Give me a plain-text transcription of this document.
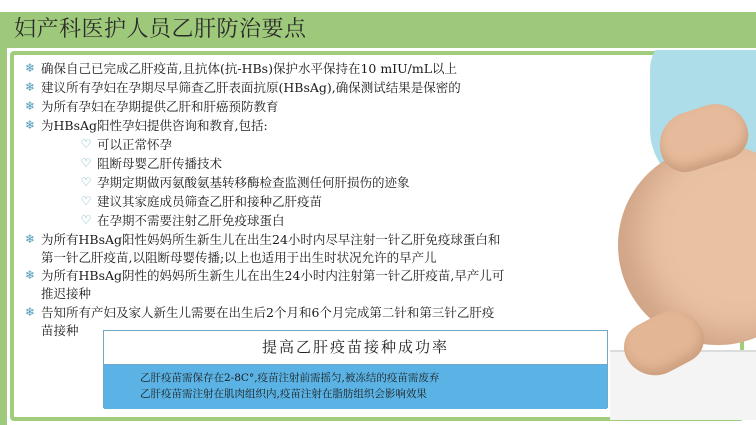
妇产科医护人员乙肝防治要点
❄ 确保自己已完成乙肝疫苗,且抗体(抗-HBs)保护水平保持在10 mIU/mL以上
❄ 建议所有孕妇在孕期尽早筛查乙肝表面抗原(HBsAg),确保测试结果是保密的
❄ 为所有孕妇在孕期提供乙肝和肝癌预防教育
❄ 为HBsAg阳性孕妇提供咨询和教育,包括:
♡ 可以正常怀孕
♡ 阻断母婴乙肝传播技术
♡ 孕期定期做丙氨酸氨基转移酶检查监测任何肝损伤的迹象
♡ 建议其家庭成员筛查乙肝和接种乙肝疫苗
♡ 在孕期不需要注射乙肝免疫球蛋白
❄ 为所有HBsAg阳性妈妈所生新生儿在出生24小时内尽早注射一针乙肝免疫球蛋白和
第一针乙肝疫苗,以阻断母婴传播;以上也适用于出生时状况允许的早产儿
❄ 为所有HBsAg阴性的妈妈所生新生儿在出生24小时内注射第一针乙肝疫苗,早产儿可
推迟接种
❄ 告知所有产妇及家人新生儿需要在出生后2个月和6个月完成第二针和第三针乙肝疫
苗接种
提高乙肝疫苗接种成功率
乙肝疫苗需保存在2-8C°,疫苗注射前需摇匀,被冻结的疫苗需废弃
乙肝疫苗需注射在肌肉组织内,疫苗注射在脂肪组织会影响效果
